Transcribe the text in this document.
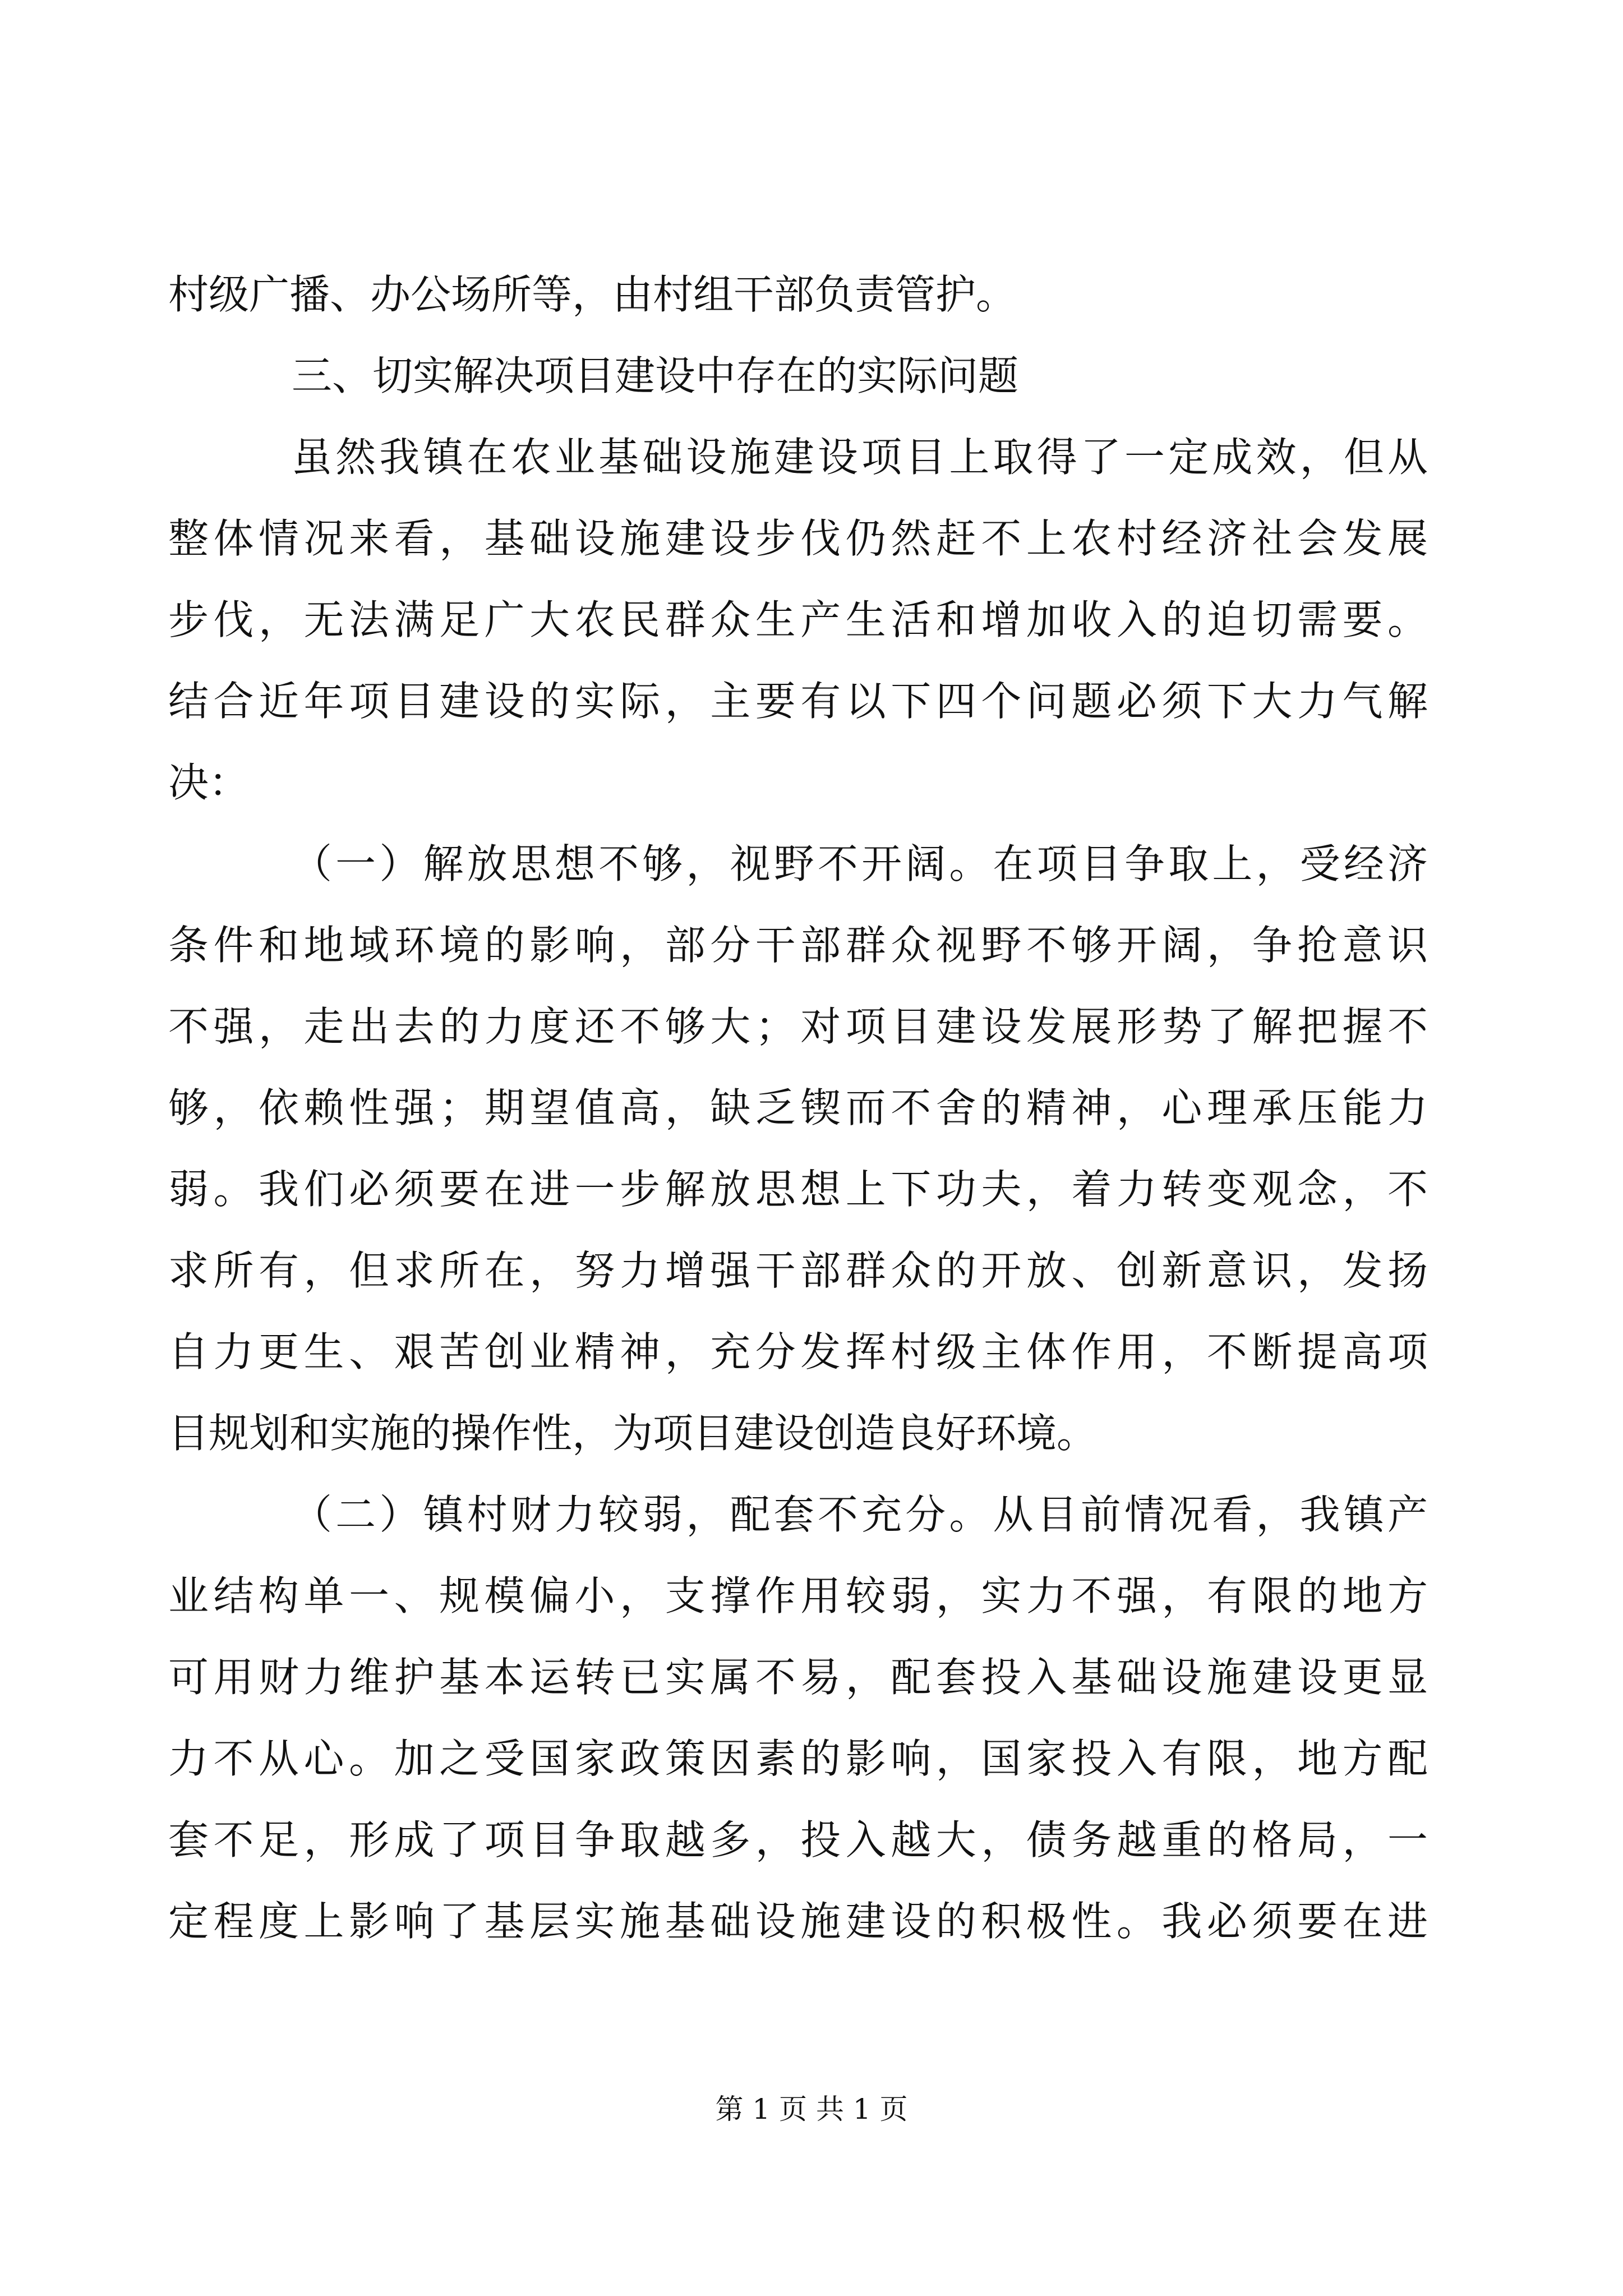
村级广播、办公场所等，由村组干部负责管护。
三、切实解决项目建设中存在的实际问题
虽然我镇在农业基础设施建设项目上取得了一定成效，但从
整体情况来看，基础设施建设步伐仍然赶不上农村经济社会发展
步伐，无法满足广大农民群众生产生活和增加收入的迫切需要。
结合近年项目建设的实际，主要有以下四个问题必须下大力气解
决：
（一）解放思想不够，视野不开阔。在项目争取上，受经济
条件和地域环境的影响，部分干部群众视野不够开阔，争抢意识
不强，走出去的力度还不够大；对项目建设发展形势了解把握不
够，依赖性强；期望值高，缺乏锲而不舍的精神，心理承压能力
弱。我们必须要在进一步解放思想上下功夫，着力转变观念，不
求所有，但求所在，努力增强干部群众的开放、创新意识，发扬
自力更生、艰苦创业精神，充分发挥村级主体作用，不断提高项
目规划和实施的操作性，为项目建设创造良好环境。
（二）镇村财力较弱，配套不充分。从目前情况看，我镇产
业结构单一、规模偏小，支撑作用较弱，实力不强，有限的地方
可用财力维护基本运转已实属不易，配套投入基础设施建设更显
力不从心。加之受国家政策因素的影响，国家投入有限，地方配
套不足，形成了项目争取越多，投入越大，债务越重的格局，一
定程度上影响了基层实施基础设施建设的积极性。我必须要在进
第 1 页 共 1 页
